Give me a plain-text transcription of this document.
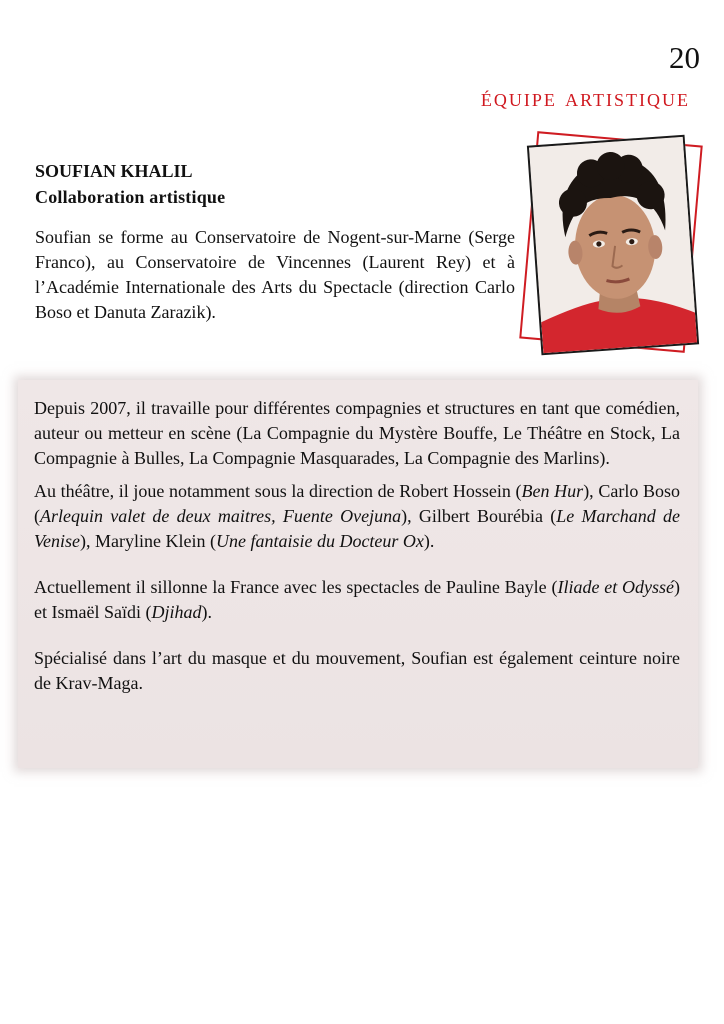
20
équipe artistique
SOUFIAN KHALIL
Collaboration artistique
Soufian se forme au Conservatoire de Nogent-sur-Marne (Serge Franco), au Conservatoire de Vincennes (Laurent Rey) et à l’Académie Internationale des Arts du Spectacle (direction Carlo Boso et Danuta Zarazik).

Depuis 2007, il travaille pour différentes compagnies et structures en tant que comédien, auteur ou metteur en scène (La Compagnie du Mystère Bouffe, Le Théâtre en Stock, La Compagnie à Bulles, La Compagnie Masquarades, La Compagnie des Marlins).

Au théâtre, il joue notamment sous la direction de Robert Hossein (Ben Hur), Carlo Boso (Arlequin valet de deux maitres, Fuente Ovejuna), Gilbert Bourébia (Le Marchand de Venise), Maryline Klein (Une fantaisie du Docteur Ox).

Actuellement il sillonne la France avec les spectacles de Pauline Bayle (Iliade et Odyssé) et Ismaël Saïdi (Djihad).

Spécialisé dans l’art du masque et du mouvement, Soufian est également ceinture noire de Krav-Maga.
